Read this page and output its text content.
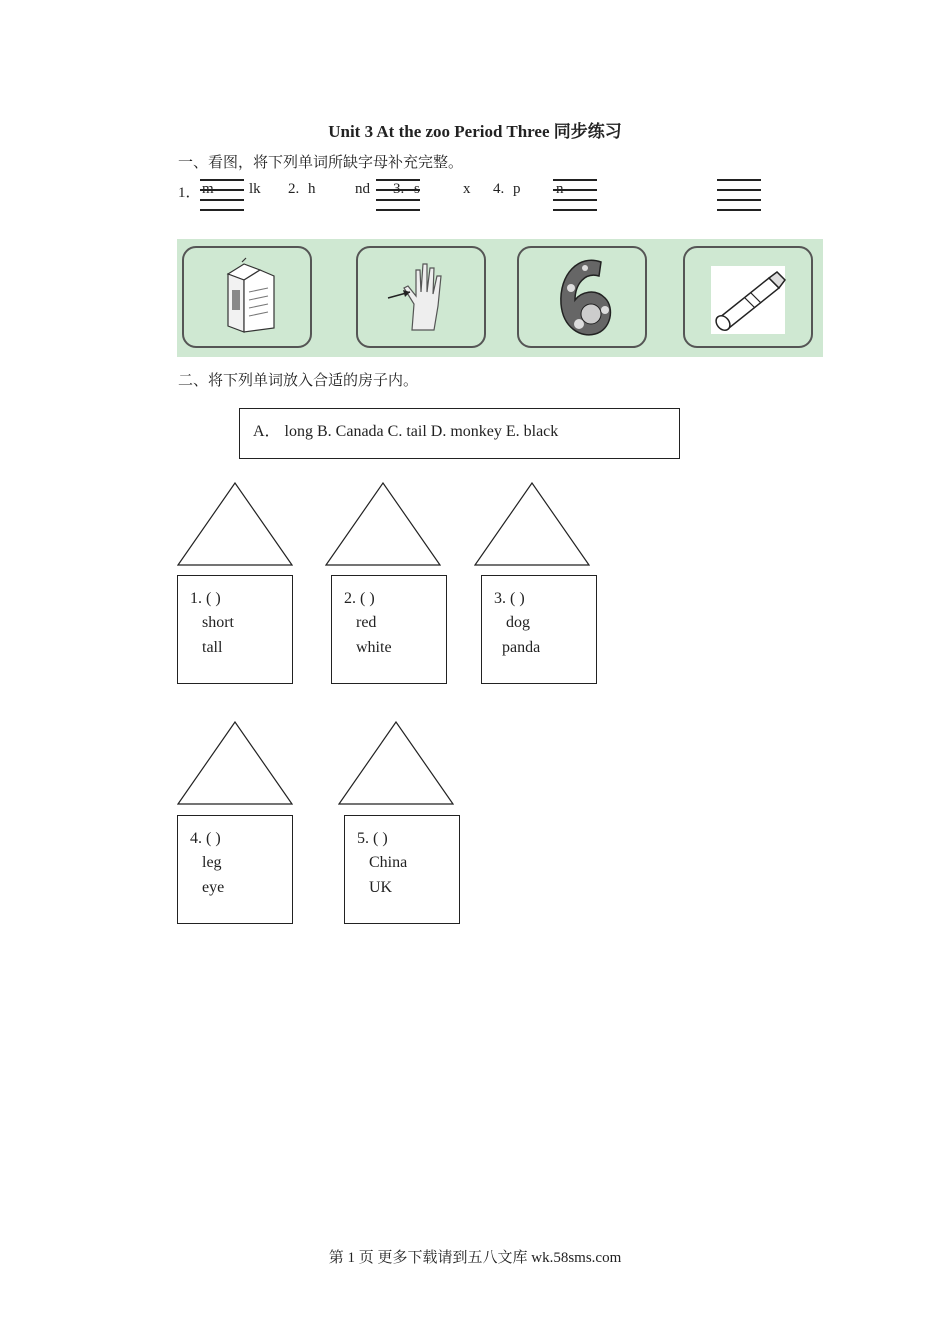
Unit 3 At the zoo Period Three 同步练习
一、看图，将下列单词所缺字母补充完整。
1． m lk 2. h	nd 3. s	x 4. p n
二、将下列单词放入合适的房子内。
A． long B. Canada C. tail D. monkey E. black
1. ( )
short
tall
2. ( )
red
white
3. ( )
dog
panda
4. ( )
leg
eye
5. ( )
China
UK
第 1 页 更多下载请到五八文库 wk.58sms.com
